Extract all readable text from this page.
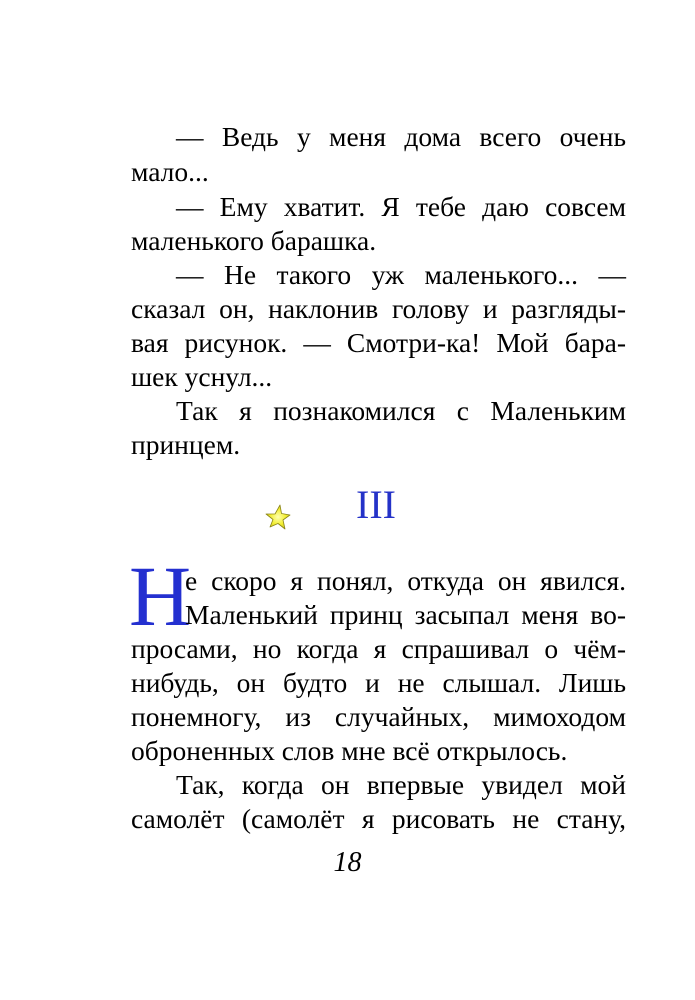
— Ведь у меня дома всего очень
мало...
— Ему хватит. Я тебе даю совсем
маленького барашка.
— Не такого уж маленького... —
сказал он, наклонив голову и разгляды-
вая рисунок. — Смотри-ка! Мой бара-
шек уснул...
Так я познакомился с Маленьким
принцем.
III
Н
е скоро я понял, откуда он явился.
Маленький принц засыпал меня во-
просами, но когда я спрашивал о чём-
нибудь, он будто и не слышал. Лишь
понемногу, из случайных, мимоходом
оброненных слов мне всё открылось.
Так, когда он впервые увидел мой
самолёт (самолёт я рисовать не стану,
18
